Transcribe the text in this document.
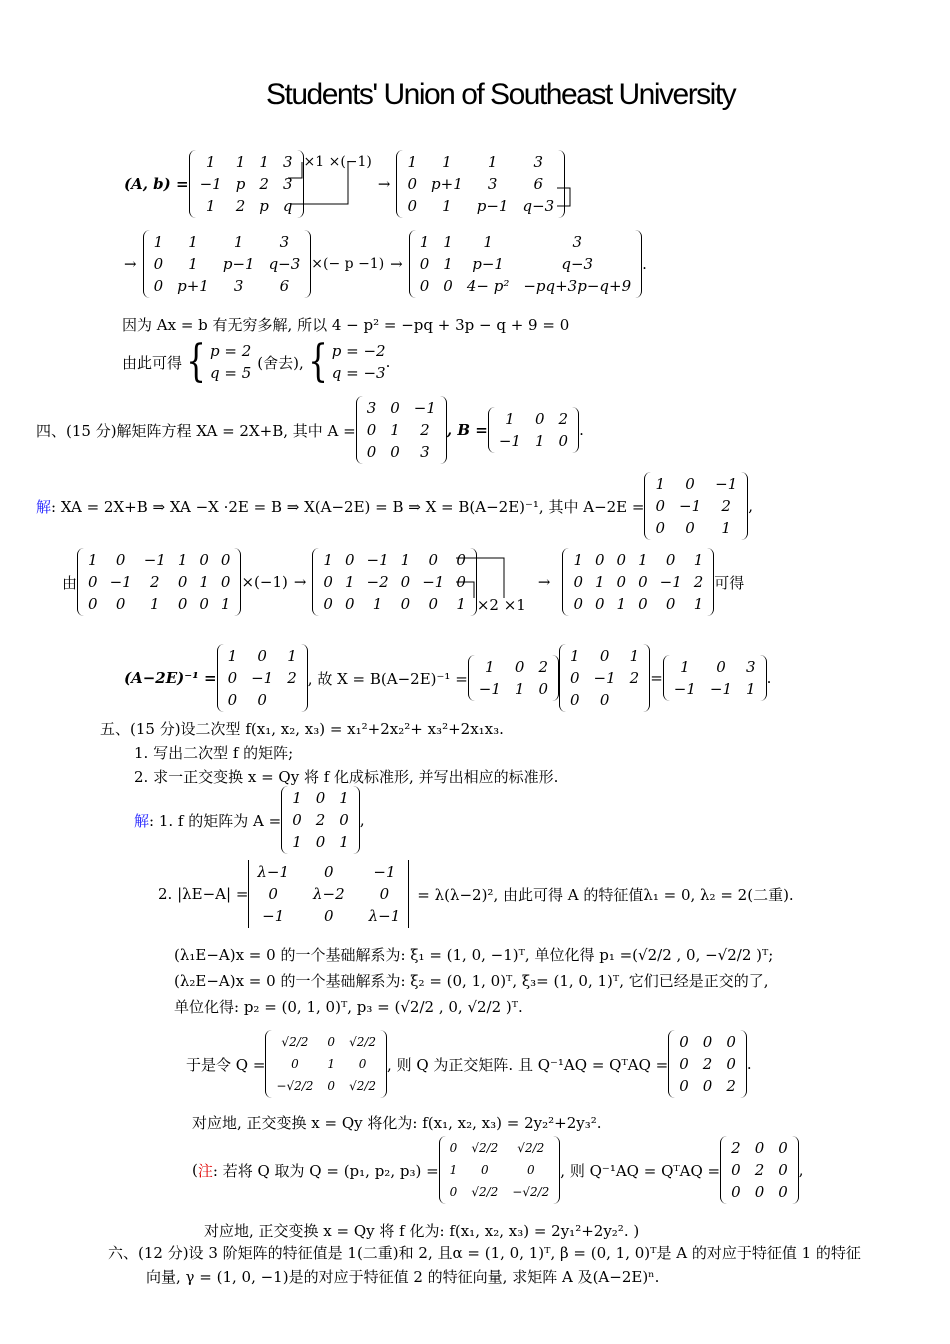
Students' Union of Southeast University
(A, b) =
1	1 1 3
−1 p 2 3
1	2 p q
×1 ×(−1)
→
1	1	1	3
0 p+1	3	6
0	1	p−1 q−3
→
1	1	1	3
0	1	p−1 q−3
0 p+1	3	6
×(− p −1) →
1 1	1	3
0 1	p−1	q−3
0 0 4− p² −pq+3p−q+9
.
因为 Ax = b 有无穷多解, 所以 4 − p² = −pq + 3p − q + 9 = 0
由此可得 { p = 2
q = 5
(舍去), { p = −2
q = −3
.
四、(15 分)解矩阵方程 XA = 2X+B, 其中 A =
3 0 −1
0 1	2
0 0	3
, B =
1	0 2
−1 1 0
.
解 : XA = 2X+B ⇒ XA −X ·2E = B ⇒ X(A−2E) = B ⇒ X = B(A−2E)⁻¹, 其中 A−2E =
1	0	−1
0 −1	2
0	0	1
,
由
1	0	−1 1 0 0
0 −1	2	0 1 0
0	0	1	0 0 1
×(−1) →
1 0 −1 1	0	0
0 1 −2 0 −1 0
0 0	1	0	0	1 ×2 ×1
→
1 0 0 1	0	1
0 1 0 0 −1 2
0 0 1 0	0	1
可得
(A−2E)⁻¹ =
1	0	1
0 −1 2
0	0

, 故 X = B(A−2E)⁻¹ =
1	0 2
−1 1 0
1	0	1
0 −1 2
0	0

=
1	0	3
−1 −1 1
.
五、(15 分)设二次型 f(x₁, x₂, x₃) = x₁²+2x₂²+ x₃²+2x₁x₃.
1. 写出二次型 f 的矩阵;
2. 求一正交变换 x = Qy 将 f 化成标准形, 并写出相应的标准形.
解 : 1. f 的矩阵为 A =
1 0 1
0 2 0
1 0 1
,
2. |λE−A| =
λ−1	0	−1
0	λ−2	0
−1	0	λ−1
= λ(λ−2)², 由此可得 A 的特征值λ₁ = 0, λ₂ = 2(二重).
(λ₁E−A)x = 0 的一个基础解系为: ξ₁ = (1, 0, −1)ᵀ, 单位化得 p₁ =(√2/2 , 0, −√2/2 )ᵀ;
(λ₂E−A)x = 0 的一个基础解系为: ξ₂ = (0, 1, 0)ᵀ, ξ₃= (1, 0, 1)ᵀ, 它们已经是正交的了,
单位化得: p₂ = (0, 1, 0)ᵀ, p₃ = (√2/2 , 0, √2/2 )ᵀ.
于是令 Q =
√2/2	0 √2/2
0	1	0
−√2/2 0 √2/2
, 则 Q 为正交矩阵. 且 Q⁻¹AQ = QᵀAQ =
0 0 0
0 2 0
0 0 2
.
对应地, 正交变换 x = Qy 将化为: f(x₁, x₂, x₃) = 2y₂²+2y₃².
( 注 : 若将 Q 取为 Q = (p₁, p₂, p₃) =
0 √2/2	√2/2
1	0	0
0 √2/2 −√2/2
, 则 Q⁻¹AQ = QᵀAQ =
2 0 0
0 2 0
0 0 0
,
对应地, 正交变换 x = Qy 将 f 化为: f(x₁, x₂, x₃) = 2y₁²+2y₂². )
六、(12 分)设 3 阶矩阵的特征值是 1(二重)和 2, 且α = (1, 0, 1)ᵀ, β = (0, 1, 0)ᵀ是 A 的对应于特征值 1 的特征
向量, γ = (1, 0, −1)是的对应于特征值 2 的特征向量, 求矩阵 A 及(A−2E)ⁿ.
